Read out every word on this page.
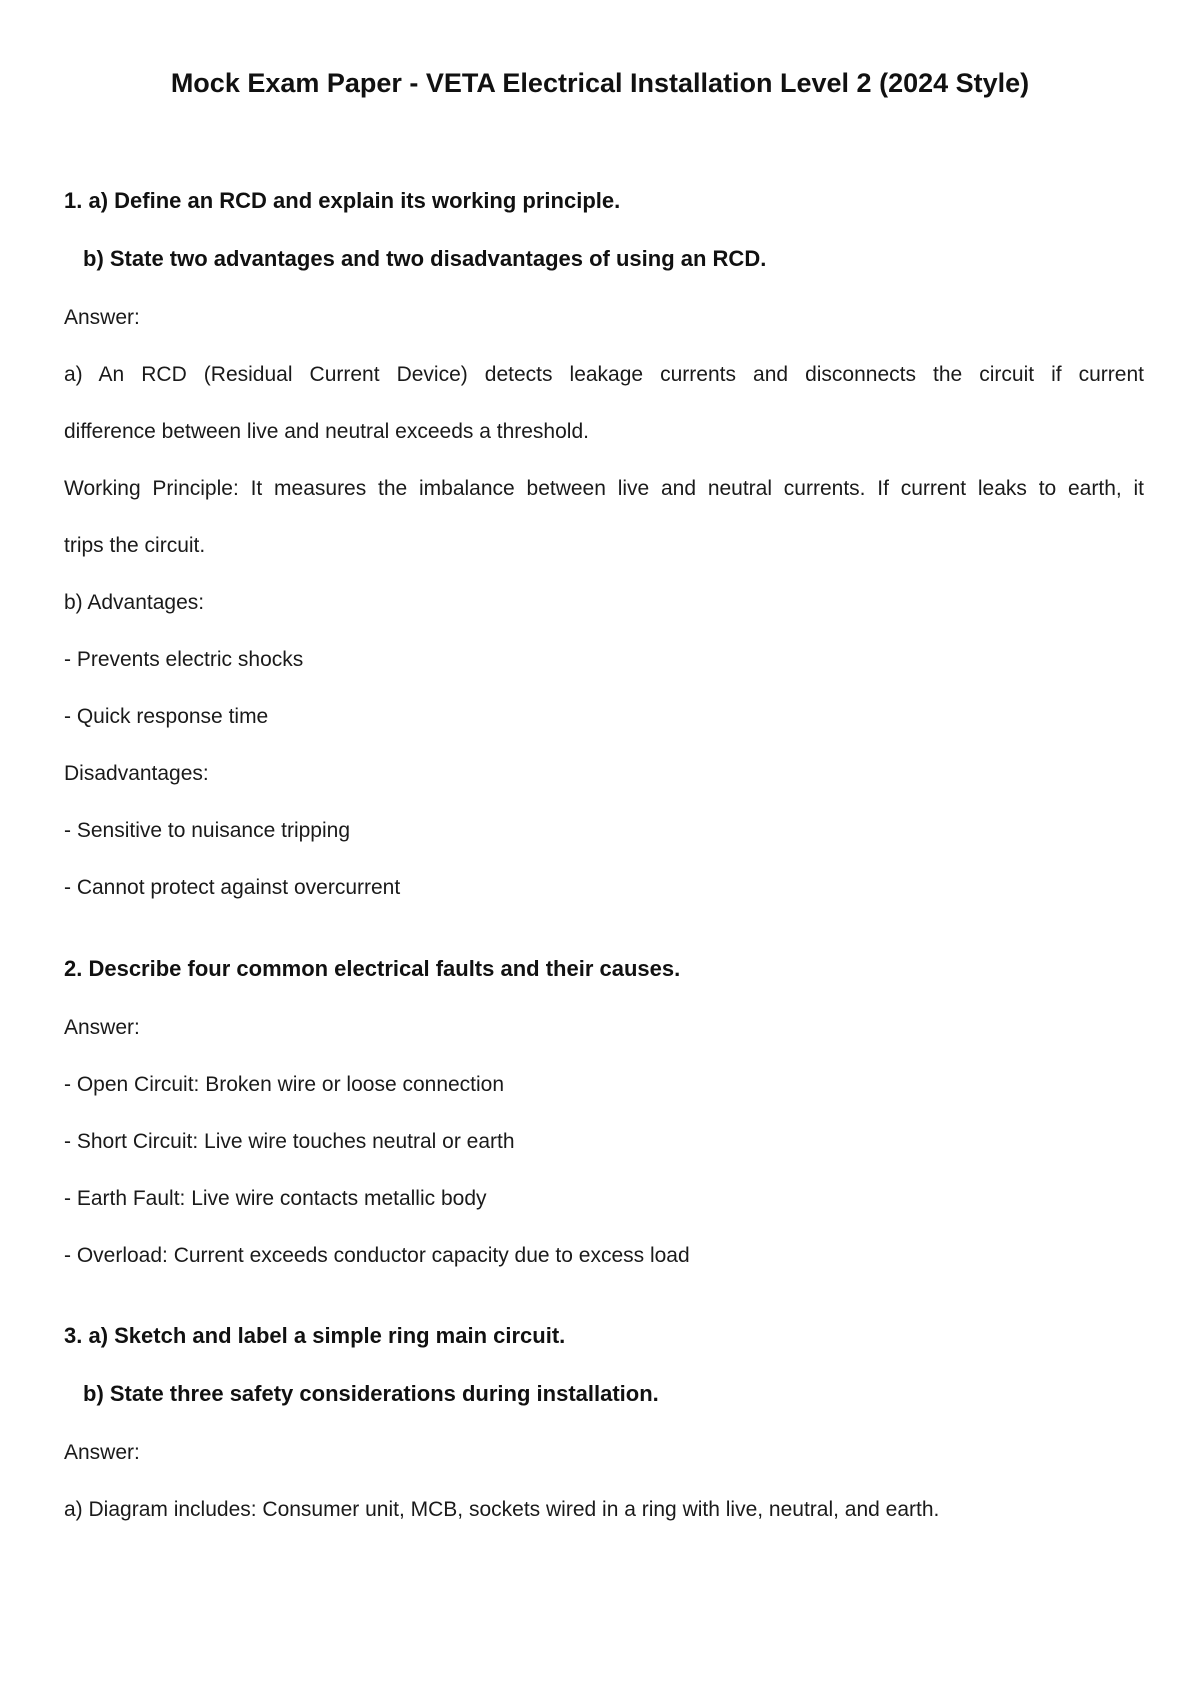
Mock Exam Paper - VETA Electrical Installation Level 2 (2024 Style)
1. a) Define an RCD and explain its working principle.
b) State two advantages and two disadvantages of using an RCD.
Answer:
a) An RCD (Residual Current Device) detects leakage currents and disconnects the circuit if current
difference between live and neutral exceeds a threshold.
Working Principle: It measures the imbalance between live and neutral currents. If current leaks to earth, it
trips the circuit.
b) Advantages:
- Prevents electric shocks
- Quick response time
Disadvantages:
- Sensitive to nuisance tripping
- Cannot protect against overcurrent
2. Describe four common electrical faults and their causes.
Answer:
- Open Circuit: Broken wire or loose connection
- Short Circuit: Live wire touches neutral or earth
- Earth Fault: Live wire contacts metallic body
- Overload: Current exceeds conductor capacity due to excess load
3. a) Sketch and label a simple ring main circuit.
b) State three safety considerations during installation.
Answer:
a) Diagram includes: Consumer unit, MCB, sockets wired in a ring with live, neutral, and earth.
